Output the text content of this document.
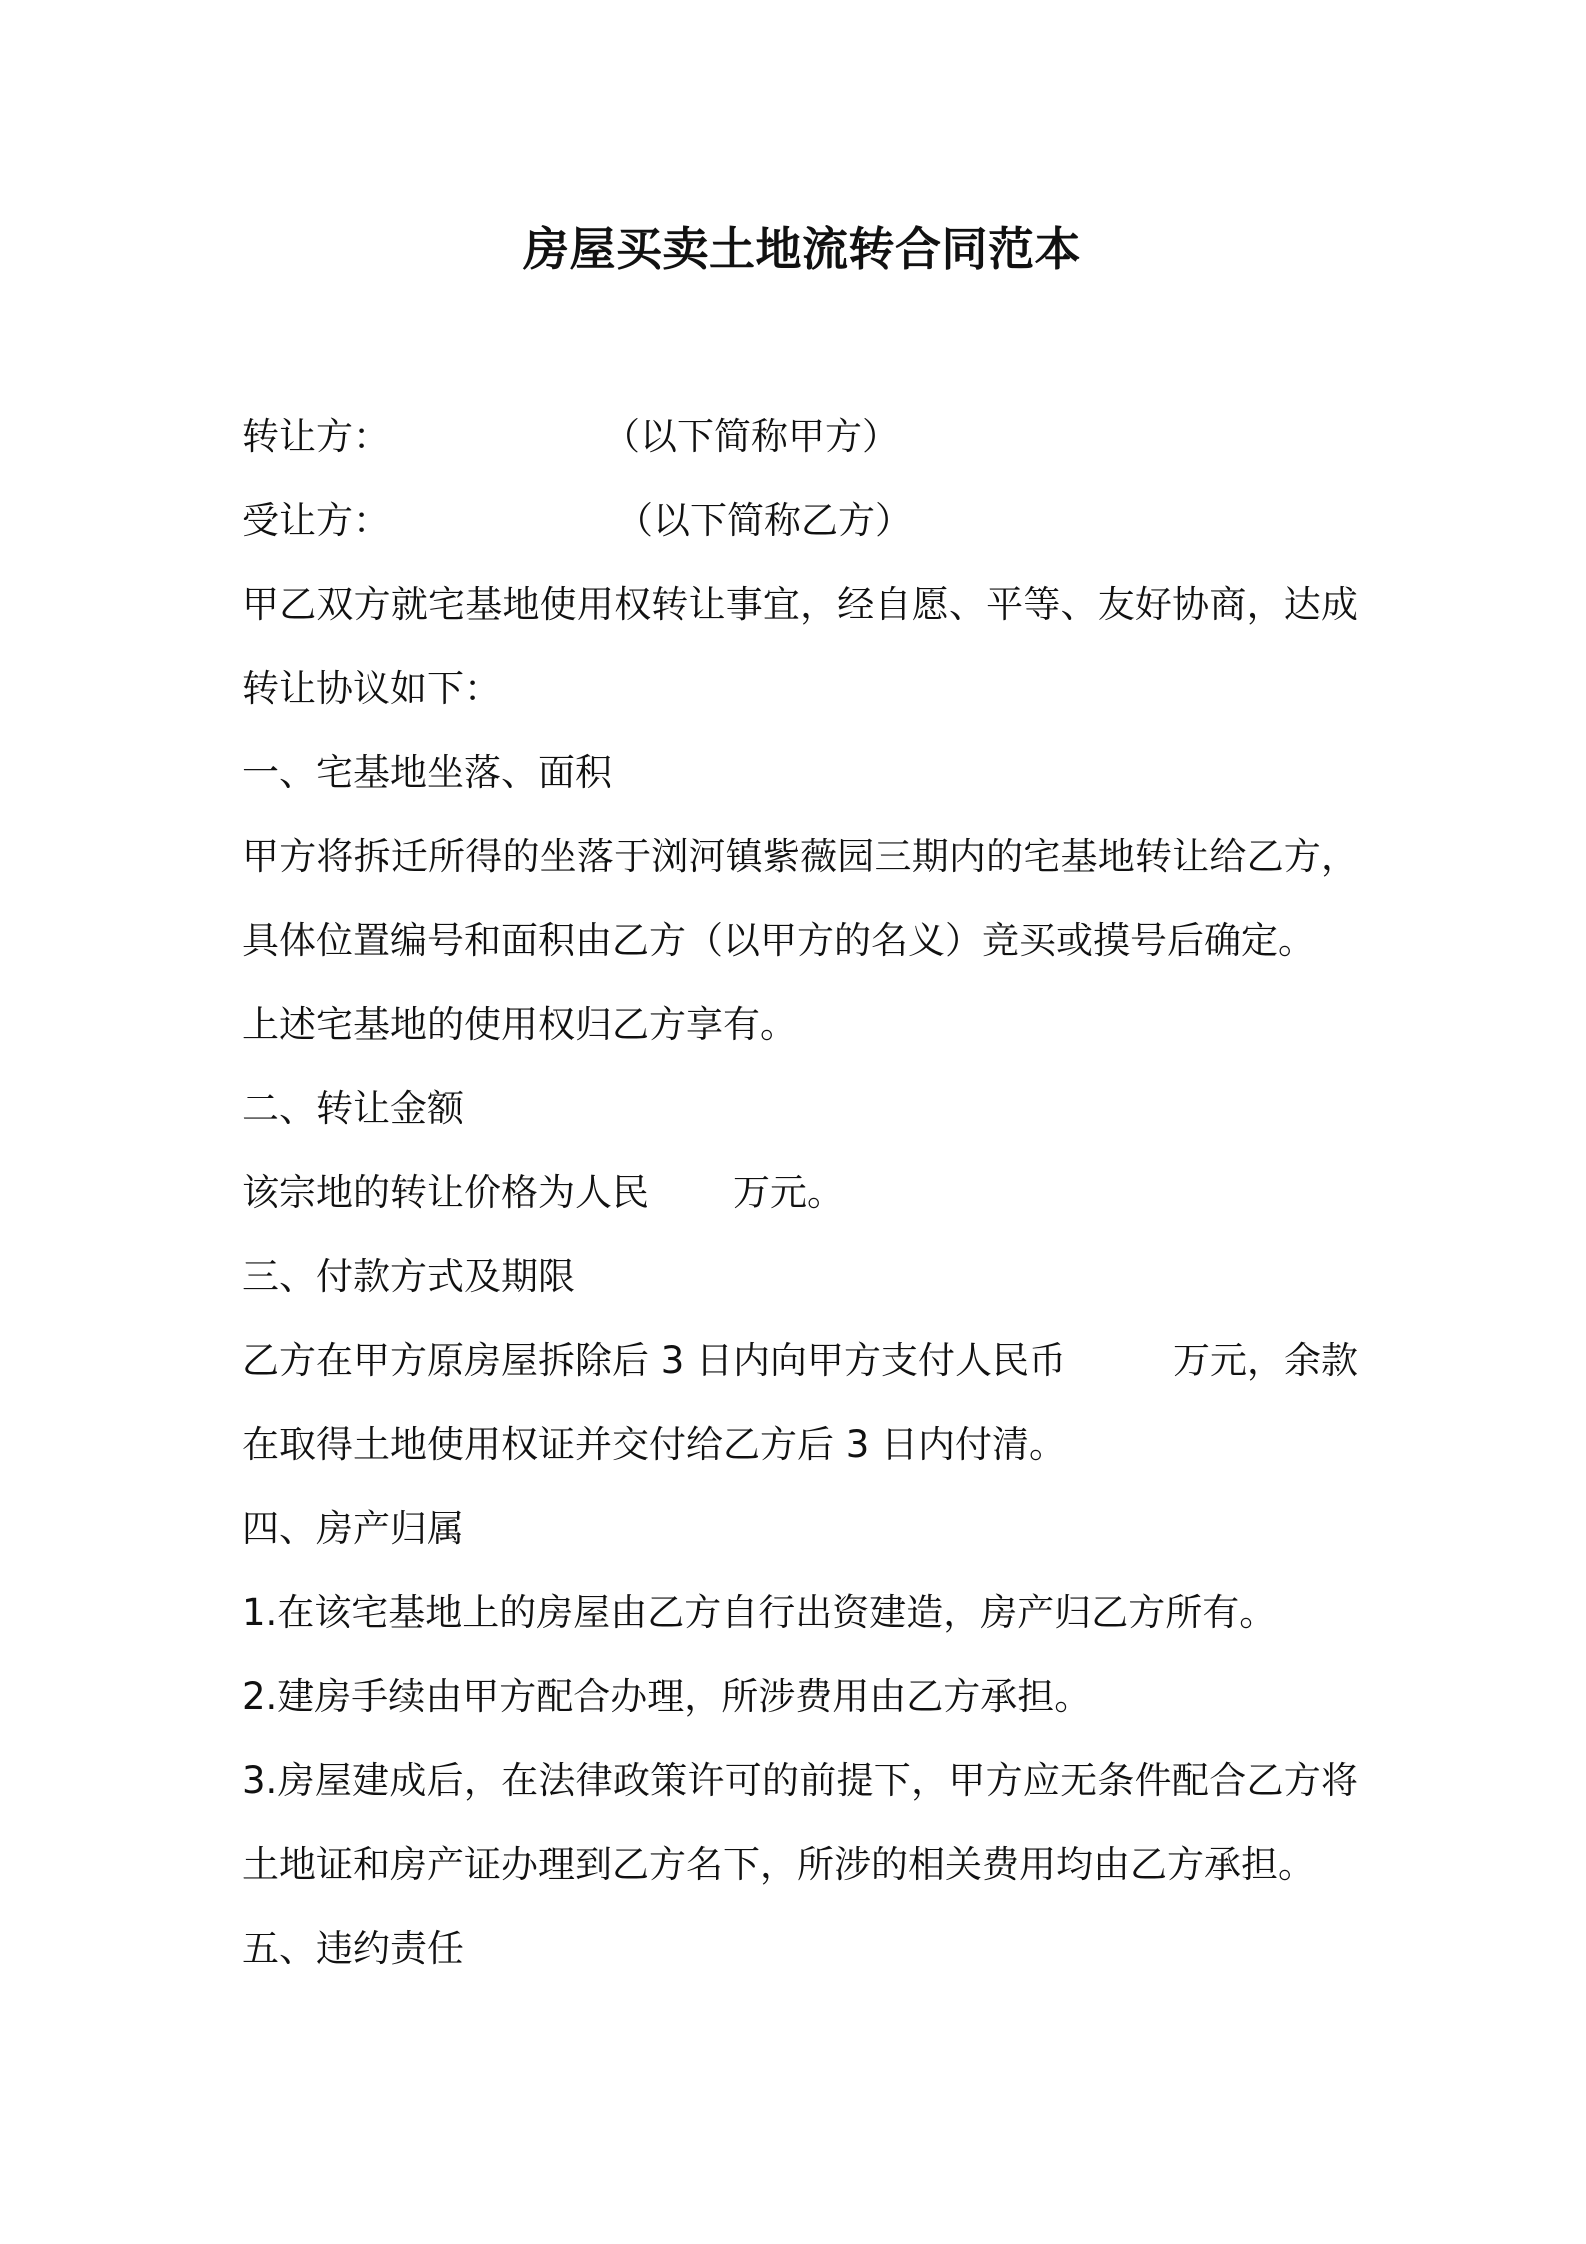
房屋买卖土地流转合同范本
转让方：	（以下简称甲方）
受让方：	（以下简称乙方）
甲乙双方就宅基地使用权转让事宜，经自愿、平等、友好协商，达成
转让协议如下：
一、宅基地坐落、面积
甲方将拆迁所得的坐落于浏河镇紫薇园三期内的宅基地转让给乙方，
具体位置编号和面积由乙方（以甲方的名义）竞买或摸号后确定。
上述宅基地的使用权归乙方享有。
二、转让金额
该宗地的转让价格为人民 万元。
三、付款方式及期限
乙方在甲方原房屋拆除后 3 日内向甲方支付人民币	万元，余款
在取得土地使用权证并交付给乙方后 3 日内付清。
四、房产归属
1.在该宅基地上的房屋由乙方自行出资建造，房产归乙方所有。
2.建房手续由甲方配合办理，所涉费用由乙方承担。
3.房屋建成后，在法律政策许可的前提下，甲方应无条件配合乙方将
土地证和房产证办理到乙方名下，所涉的相关费用均由乙方承担。
五、违约责任
